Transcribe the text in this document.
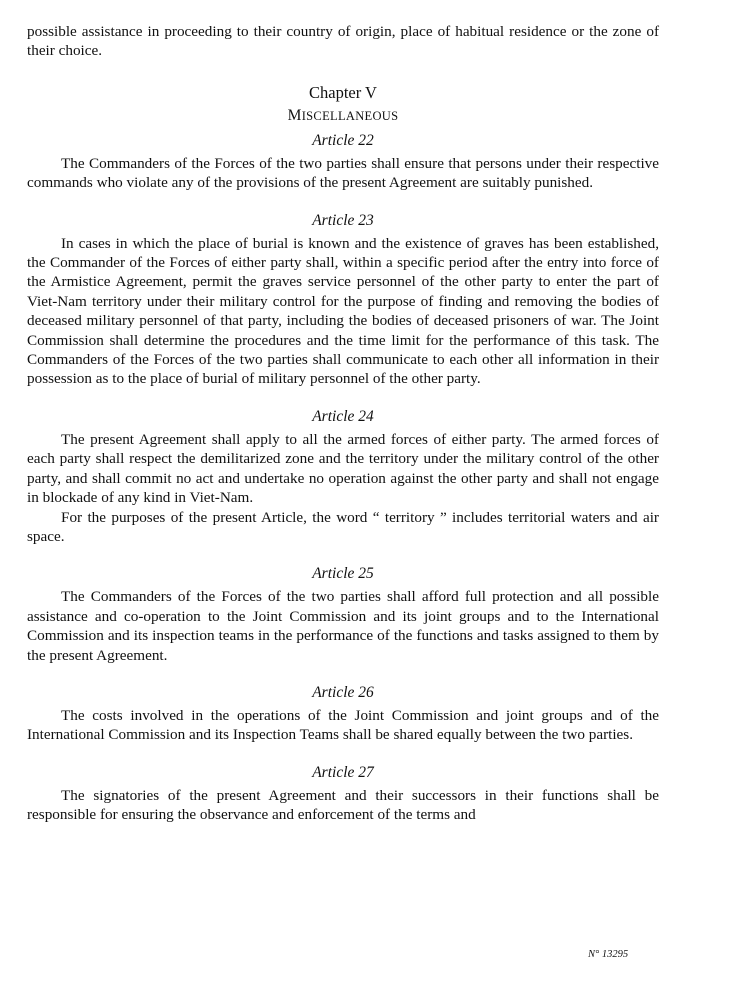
possible assistance in proceeding to their country of origin, place of habitual residence or the zone of their choice.

Chapter V
MISCELLANEOUS
Article 22

The Commanders of the Forces of the two parties shall ensure that persons under their respective commands who violate any of the provisions of the present Agreement are suitably punished.

Article 23

In cases in which the place of burial is known and the existence of graves has been established, the Commander of the Forces of either party shall, within a specific period after the entry into force of the Armistice Agreement, permit the graves service personnel of the other party to enter the part of Viet-Nam territory under their military control for the purpose of finding and removing the bodies of deceased military personnel of that party, including the bodies of deceased prisoners of war. The Joint Commission shall determine the procedures and the time limit for the performance of this task. The Commanders of the Forces of the two parties shall communicate to each other all information in their possession as to the place of burial of military personnel of the other party.

Article 24

The present Agreement shall apply to all the armed forces of either party. The armed forces of each party shall respect the demilitarized zone and the territory under the military control of the other party, and shall commit no act and undertake no operation against the other party and shall not engage in blockade of any kind in Viet-Nam.

For the purposes of the present Article, the word “ territory ” includes territorial waters and air space.

Article 25

The Commanders of the Forces of the two parties shall afford full protection and all possible assistance and co-operation to the Joint Commission and its joint groups and to the International Commission and its inspection teams in the performance of the functions and tasks assigned to them by the present Agreement.

Article 26

The costs involved in the operations of the Joint Commission and joint groups and of the International Commission and its Inspection Teams shall be shared equally between the two parties.

Article 27

The signatories of the present Agreement and their successors in their functions shall be responsible for ensuring the observance and enforcement of the terms and

N° 13295
